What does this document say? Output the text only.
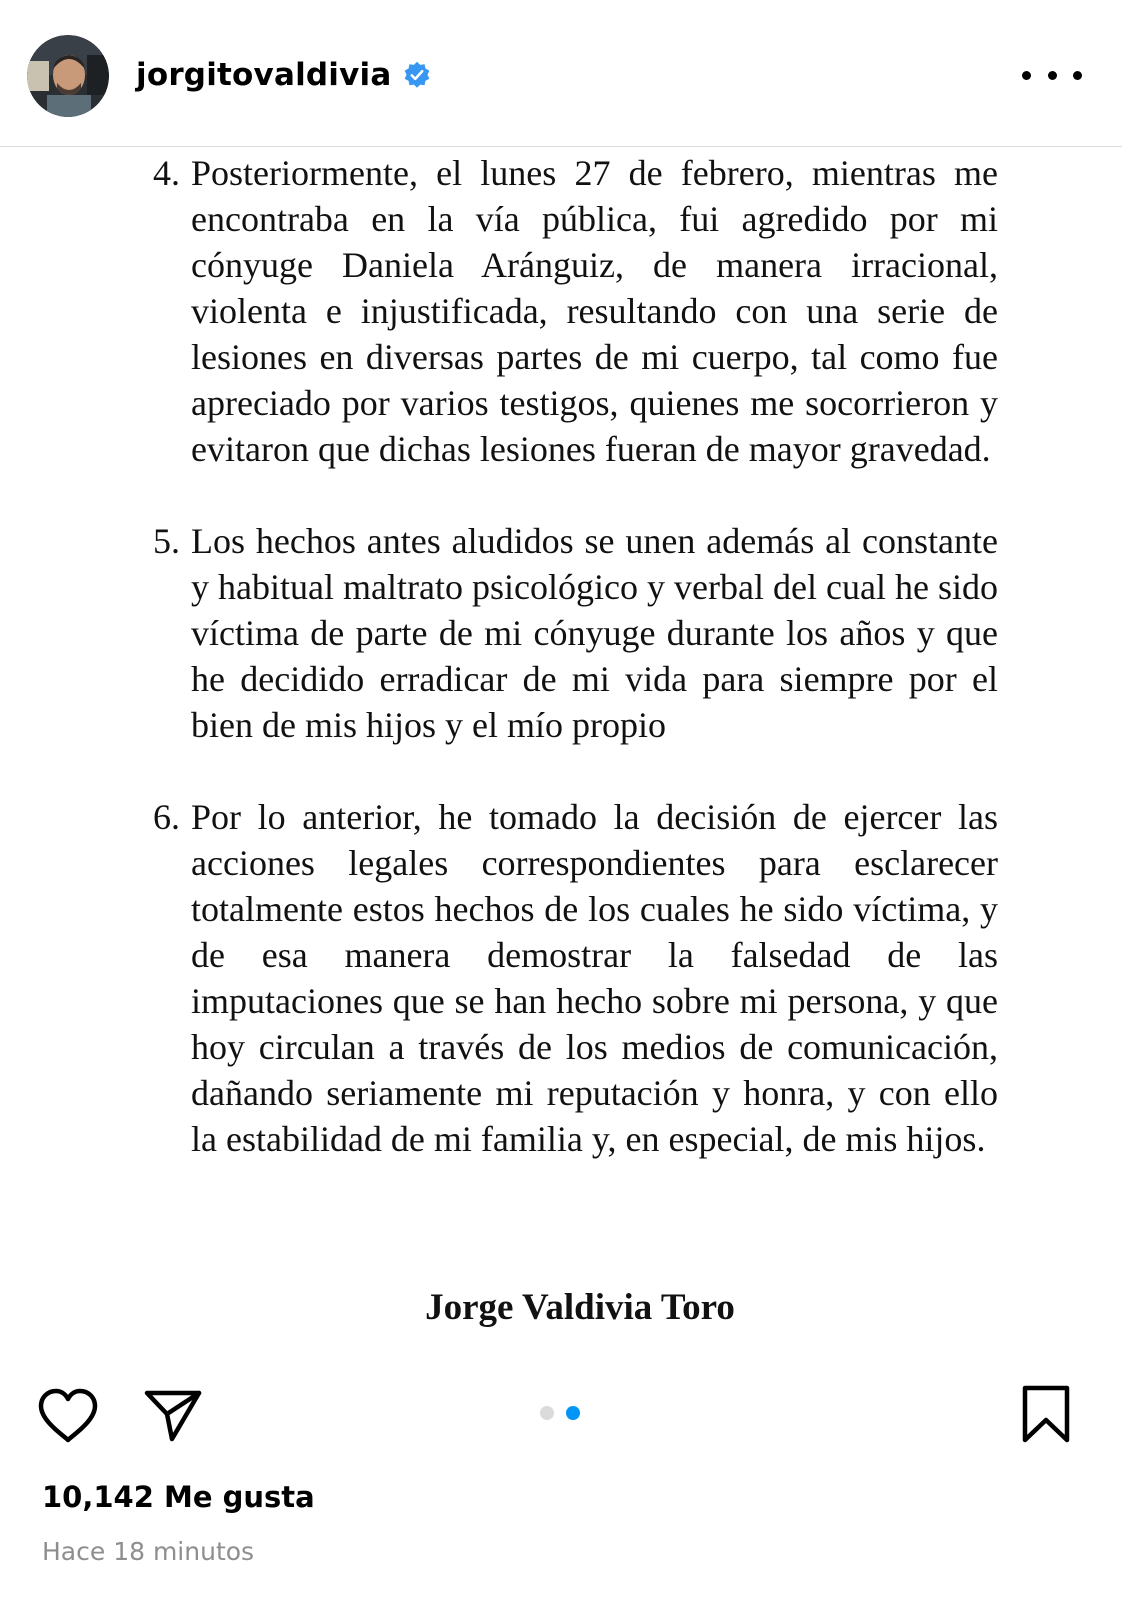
jorgitovaldivia
4. Posteriormente, el lunes 27 de febrero, mientras me encontraba en la vía pública, fui agredido por mi cónyuge Daniela Aránguiz, de manera irracional, violenta e injustificada, resultando con una serie de lesiones en diversas partes de mi cuerpo, tal como fue apreciado por varios testigos, quienes me socorrieron y evitaron que dichas lesiones fueran de mayor gravedad.
5. Los hechos antes aludidos se unen además al constante y habitual maltrato psicológico y verbal del cual he sido víctima de parte de mi cónyuge durante los años y que he decidido erradicar de mi vida para siempre por el bien de mis hijos y el mío propio
6. Por lo anterior, he tomado la decisión de ejercer las acciones legales correspondientes para esclarecer totalmente estos hechos de los cuales he sido víctima, y de esa manera demostrar la falsedad de las imputaciones que se han hecho sobre mi persona, y que hoy circulan a través de los medios de comunicación, dañando seriamente mi reputación y honra, y con ello la estabilidad de mi familia y, en especial, de mis hijos.
Jorge Valdivia Toro
10,142 Me gusta
Hace 18 minutos
